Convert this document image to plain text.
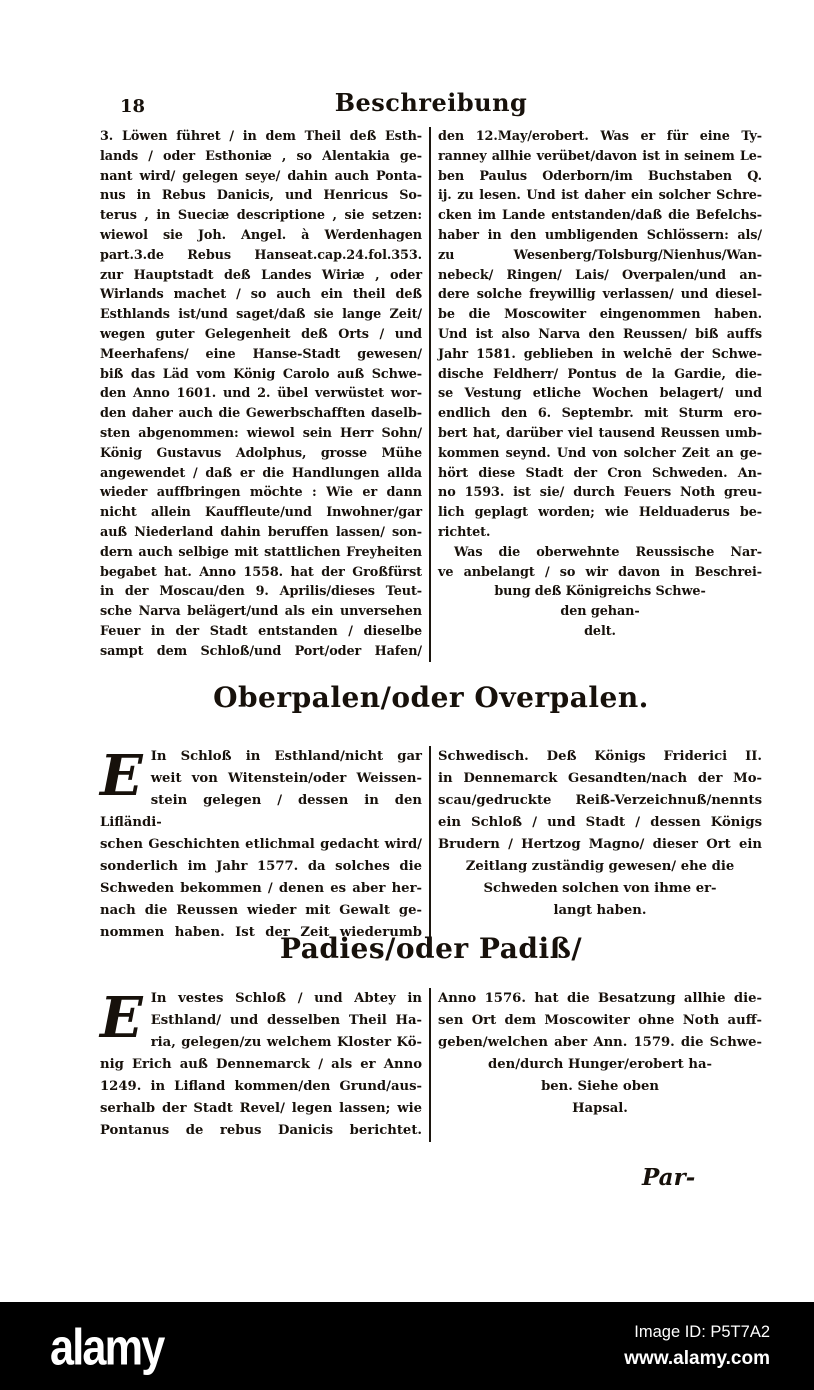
18	Beschreibung
3. Löwen führet / in dem Theil deß Esth-
lands / oder Esthoniæ , so Alentakia ge-
nant wird/ gelegen seye/ dahin auch Ponta-
nus in Rebus Danicis, und Henricus So-
terus , in Sueciæ descriptione , sie setzen:
wiewol sie Joh. Angel. à Werdenhagen
part.3.de Rebus Hanseat.cap.24.fol.353.
zur Hauptstadt deß Landes Wiriæ , oder
Wirlands machet / so auch ein theil deß
Esthlands ist/und saget/daß sie lange Zeit/
wegen guter Gelegenheit deß Orts / und
Meerhafens/ eine Hanse-Stadt gewesen/
biß das Läd vom König Carolo auß Schwe-
den Anno 1601. und 2. übel verwüstet wor-
den daher auch die Gewerbschafften daselb-
sten abgenommen: wiewol sein Herr Sohn/
König Gustavus Adolphus, grosse Mühe
angewendet / daß er die Handlungen allda
wieder auffbringen möchte : Wie er dann
nicht allein Kauffleute/und Inwohner/gar
auß Niederland dahin beruffen lassen/ son-
dern auch selbige mit stattlichen Freyheiten
begabet hat. Anno 1558. hat der Großfürst
in der Moscau/den 9. Aprilis/dieses Teut-
sche Narva belägert/und als ein unversehen
Feuer in der Stadt entstanden / dieselbe
sampt dem Schloß/und Port/oder Hafen/
den 12.May/erobert. Was er für eine Ty-
ranney allhie verübet/davon ist in seinem Le-
ben Paulus Oderborn/im Buchstaben Q.
ij. zu lesen. Und ist daher ein solcher Schre-
cken im Lande entstanden/daß die Befelchs-
haber in den umbligenden Schlössern: als/
zu Wesenberg/Tolsburg/Nienhus/Wan-
nebeck/ Ringen/ Lais/ Overpalen/und an-
dere solche freywillig verlassen/ und diesel-
be die Moscowiter eingenommen haben.
Und ist also Narva den Reussen/ biß auffs
Jahr 1581. geblieben in welchē der Schwe-
dische Feldherr/ Pontus de la Gardie, die-
se Vestung etliche Wochen belagert/ und
endlich den 6. Septembr. mit Sturm ero-
bert hat, darüber viel tausend Reussen umb-
kommen seynd. Und von solcher Zeit an ge-
hört diese Stadt der Cron Schweden. An-
no 1593. ist sie/ durch Feuers Noth greu-
lich geplagt worden; wie Helduaderus be-
richtet.
Was die oberwehnte Reussische Nar-
ve anbelangt / so wir davon in Beschrei-
bung deß Königreichs Schwe-
den gehan-
delt.
Oberpalen/oder Overpalen.
E In Schloß in Esthland/nicht gar
weit von Witenstein/oder Weissen-
stein gelegen / dessen in den Lifländi-
schen Geschichten etlichmal gedacht wird/
sonderlich im Jahr 1577. da solches die
Schweden bekommen / denen es aber her-
nach die Reussen wieder mit Gewalt ge-
nommen haben. Ist der Zeit wiederumb
Schwedisch. Deß Königs Friderici II.
in Dennemarck Gesandten/nach der Mo-
scau/gedruckte Reiß-Verzeichnuß/nennts
ein Schloß / und Stadt / dessen Königs
Brudern / Hertzog Magno/ dieser Ort ein
Zeitlang zuständig gewesen/ ehe die
Schweden solchen von ihme er-
langt haben.
Padies/oder Padiß/
E In vestes Schloß / und Abtey in
Esthland/ und desselben Theil Ha-
ria, gelegen/zu welchem Kloster Kö-
nig Erich auß Dennemarck / als er Anno
1249. in Lifland kommen/den Grund/aus-
serhalb der Stadt Revel/ legen lassen; wie
Pontanus de rebus Danicis berichtet.
Anno 1576. hat die Besatzung allhie die-
sen Ort dem Moscowiter ohne Noth auff-
geben/welchen aber Ann. 1579. die Schwe-
den/durch Hunger/erobert ha-
ben. Siehe oben
Hapsal.
Par-
alamy	Image ID: P5T7A2
www.alamy.com
